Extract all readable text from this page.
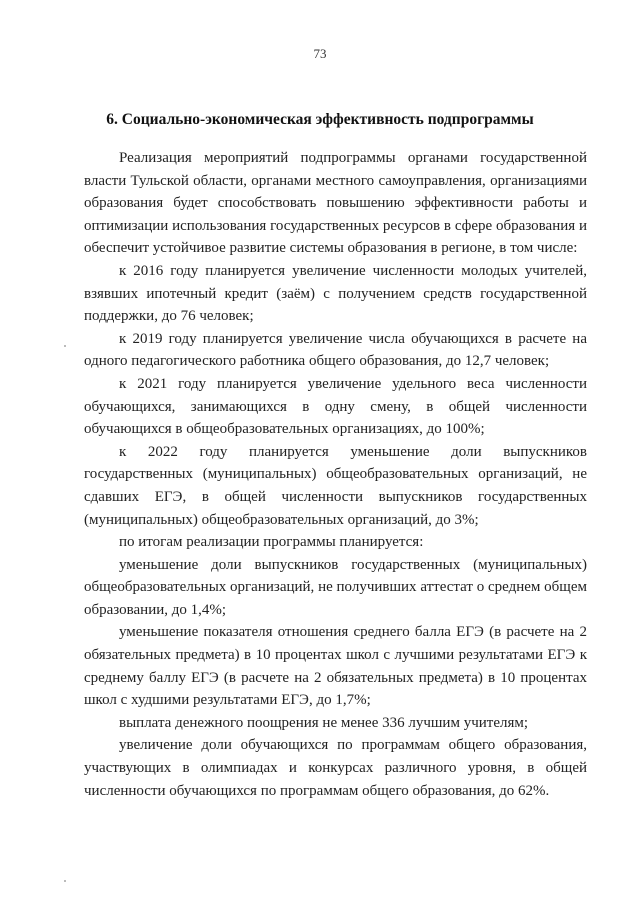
73
6. Социально-экономическая эффективность подпрограммы

Реализация мероприятий подпрограммы органами государственной власти Тульской области, органами местного самоуправления, организациями образования будет способствовать повышению эффективности работы и оптимизации использования государственных ресурсов в сфере образования и обеспечит устойчивое развитие системы образования в регионе, в том числе:

к 2016 году планируется увеличение численности молодых учителей, взявших ипотечный кредит (заём) с получением средств государственной поддержки, до 76 человек;

к 2019 году планируется увеличение числа обучающихся в расчете на одного педагогического работника общего образования, до 12,7 человек;

к 2021 году планируется увеличение удельного веса численности обучающихся, занимающихся в одну смену, в общей численности обучающихся в общеобразовательных организациях, до 100%;

к 2022 году планируется уменьшение доли выпускников государственных (муниципальных) общеобразовательных организаций, не сдавших ЕГЭ, в общей численности выпускников государственных (муниципальных) общеобразовательных организаций, до 3%;

по итогам реализации программы планируется:

уменьшение доли выпускников государственных (муниципальных) общеобразовательных организаций, не получивших аттестат о среднем общем образовании, до 1,4%;

уменьшение показателя отношения среднего балла ЕГЭ (в расчете на 2 обязательных предмета) в 10 процентах школ с лучшими результатами ЕГЭ к среднему баллу ЕГЭ (в расчете на 2 обязательных предмета) в 10 процентах школ с худшими результатами ЕГЭ, до 1,7%;

выплата денежного поощрения не менее 336 лучшим учителям;

увеличение доли обучающихся по программам общего образования, участвующих в олимпиадах и конкурсах различного уровня, в общей численности обучающихся по программам общего образования, до 62%.
